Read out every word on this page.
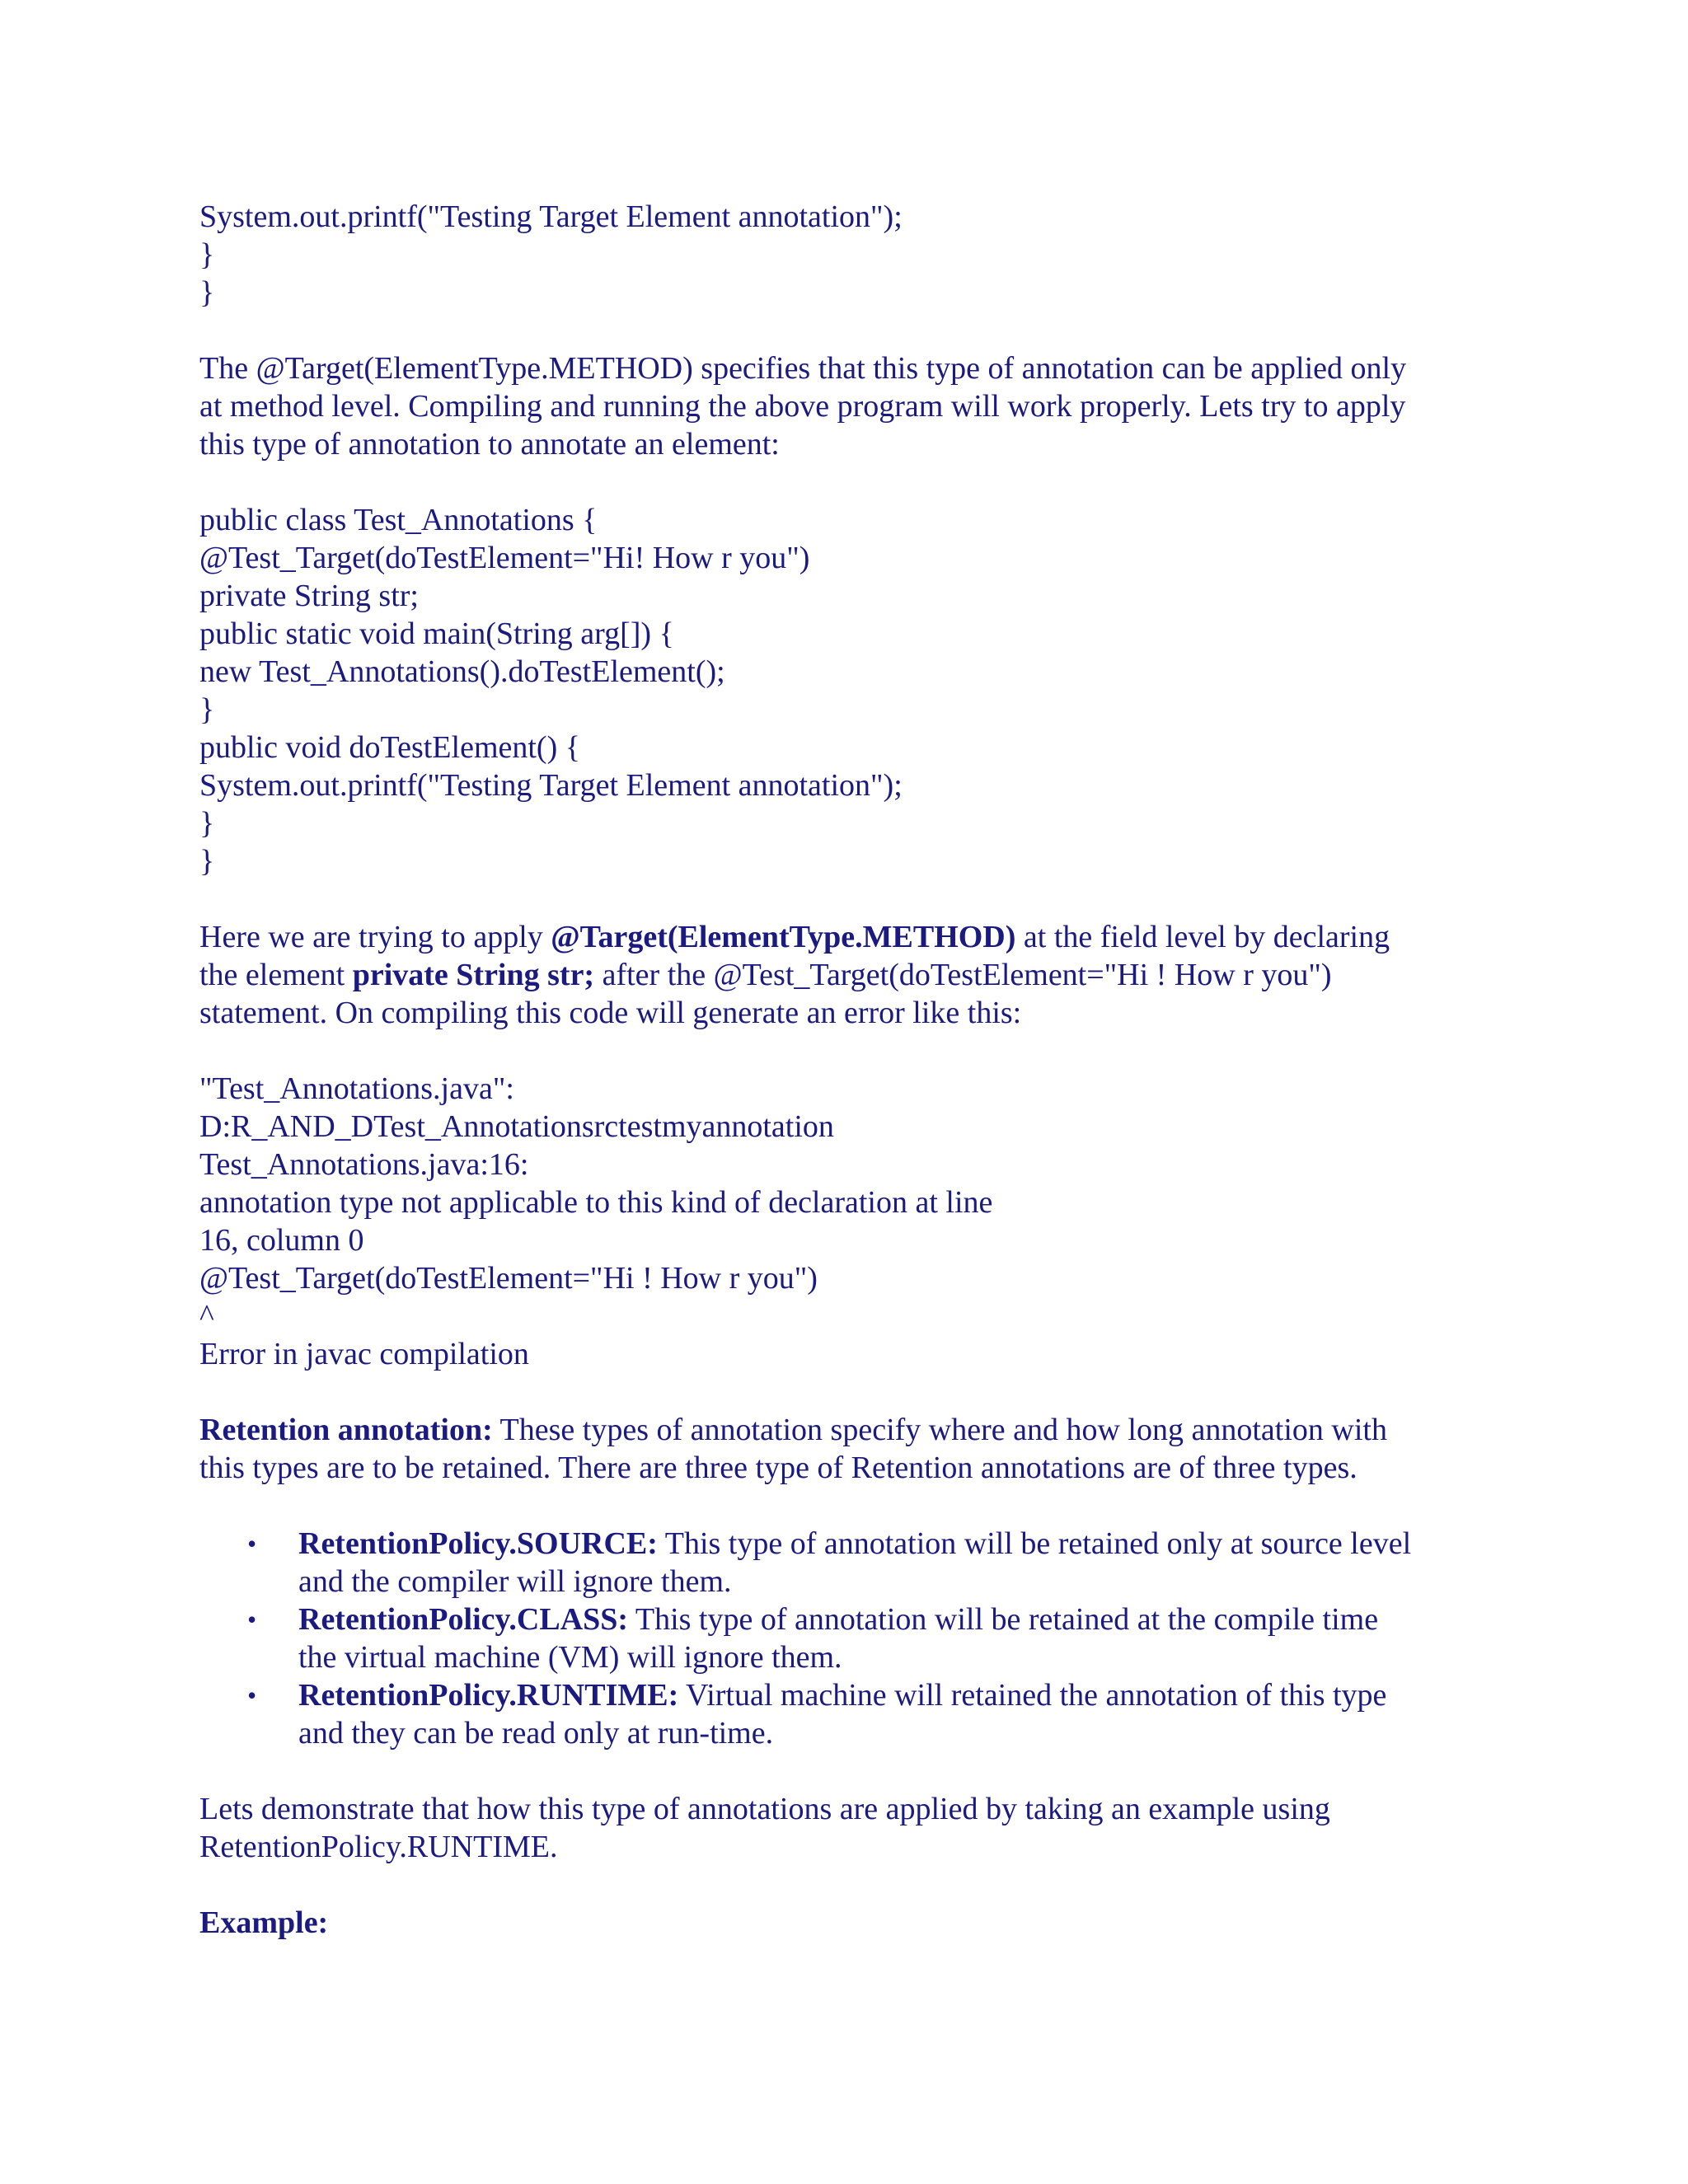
System.out.printf("Testing Target Element annotation");
}
}
The @Target(ElementType.METHOD) specifies that this type of annotation can be applied only
at method level. Compiling and running the above program will work properly. Lets try to apply
this type of annotation to annotate an element:
public class Test_Annotations {
@Test_Target(doTestElement="Hi! How r you")
private String str;
public static void main(String arg[]) {
new Test_Annotations().doTestElement();
}
public void doTestElement() {
System.out.printf("Testing Target Element annotation");
}
}
Here we are trying to apply @Target(ElementType.METHOD) at the field level by declaring
the element private String str; after the @Test_Target(doTestElement="Hi ! How r you")
statement. On compiling this code will generate an error like this:
"Test_Annotations.java":
D:R_AND_DTest_Annotationsrctestmyannotation
Test_Annotations.java:16:
annotation type not applicable to this kind of declaration at line
16, column 0
@Test_Target(doTestElement="Hi ! How r you")
^
Error in javac compilation
Retention annotation: These types of annotation specify where and how long annotation with
this types are to be retained. There are three type of Retention annotations are of three types.
• RetentionPolicy.SOURCE: This type of annotation will be retained only at source level
and the compiler will ignore them.
• RetentionPolicy.CLASS: This type of annotation will be retained at the compile time
the virtual machine (VM) will ignore them.
• RetentionPolicy.RUNTIME: Virtual machine will retained the annotation of this type
and they can be read only at run-time.
Lets demonstrate that how this type of annotations are applied by taking an example using
RetentionPolicy.RUNTIME.
Example:
